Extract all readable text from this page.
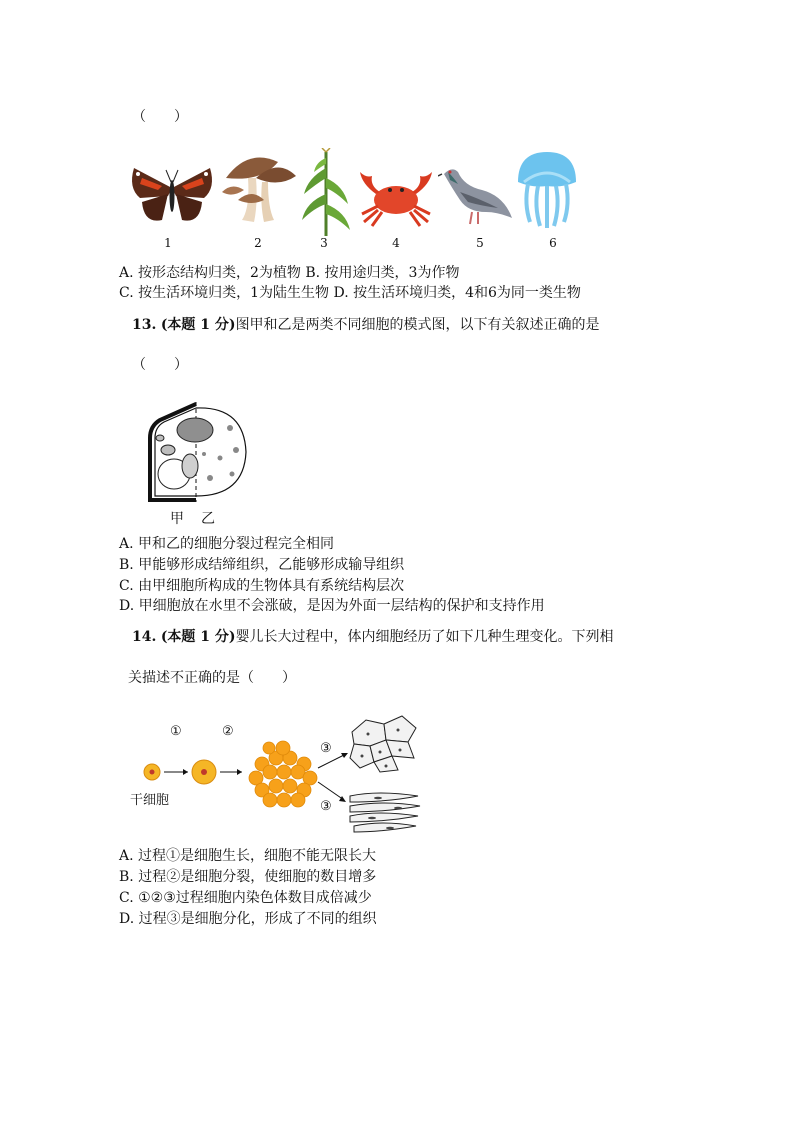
（　　）
1	2	3	4	5	6
A. 按形态结构归类，2为植物 B. 按用途归类，3为作物
C. 按生活环境归类，1为陆生生物 D. 按生活环境归类，4和6为同一类生物
13. (本题 1 分)图甲和乙是两类不同细胞的模式图，以下有关叙述正确的是
（　　）
甲 乙
A. 甲和乙的细胞分裂过程完全相同
B. 甲能够形成结缔组织，乙能够形成输导组织
C. 由甲细胞所构成的生物体具有系统结构层次
D. 甲细胞放在水里不会涨破，是因为外面一层结构的保护和支持作用
14. (本题 1 分)婴儿长大过程中，体内细胞经历了如下几种生理变化。下列相
关描述不正确的是（　　）
①	②
③
③
干细胞
A. 过程①是细胞生长，细胞不能无限长大
B. 过程②是细胞分裂，使细胞的数目增多
C. ①②③过程细胞内染色体数目成倍减少
D. 过程③是细胞分化，形成了不同的组织
